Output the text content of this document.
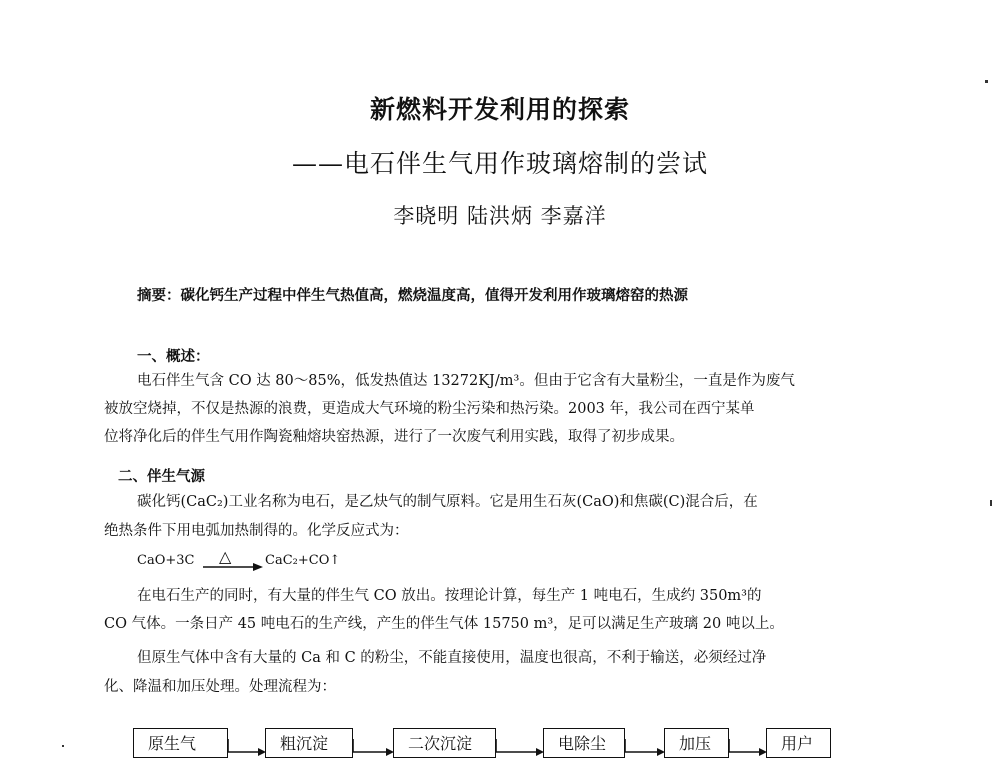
新燃料开发利用的探索
——电石伴生气用作玻璃熔制的尝试
李晓明 陆洪炳 李嘉洋
摘要：碳化钙生产过程中伴生气热值高，燃烧温度高，值得开发利用作玻璃熔窑的热源
一、概述：
电石伴生气含 CO 达 80～85%，低发热值达 13272KJ/m³。但由于它含有大量粉尘，一直是作为废气
被放空烧掉，不仅是热源的浪费，更造成大气环境的粉尘污染和热污染。2003 年，我公司在西宁某单
位将净化后的伴生气用作陶瓷釉熔块窑热源，进行了一次废气利用实践，取得了初步成果。
二、伴生气源
碳化钙(CaC₂)工业名称为电石，是乙炔气的制气原料。它是用生石灰(CaO)和焦碳(C)混合后，在
绝热条件下用电弧加热制得的。化学反应式为：
CaO+3C △	CaC₂+CO↑
在电石生产的同时，有大量的伴生气 CO 放出。按理论计算，每生产 1 吨电石，生成约 350m³的
CO 气体。一条日产 45 吨电石的生产线，产生的伴生气体 15750 m³，足可以满足生产玻璃 20 吨以上。
但原生气体中含有大量的 Ca 和 C 的粉尘，不能直接使用，温度也很高，不利于输送，必须经过净
化、降温和加压处理。处理流程为：
原生气	粗沉淀	二次沉淀	电除尘	加压	用户
